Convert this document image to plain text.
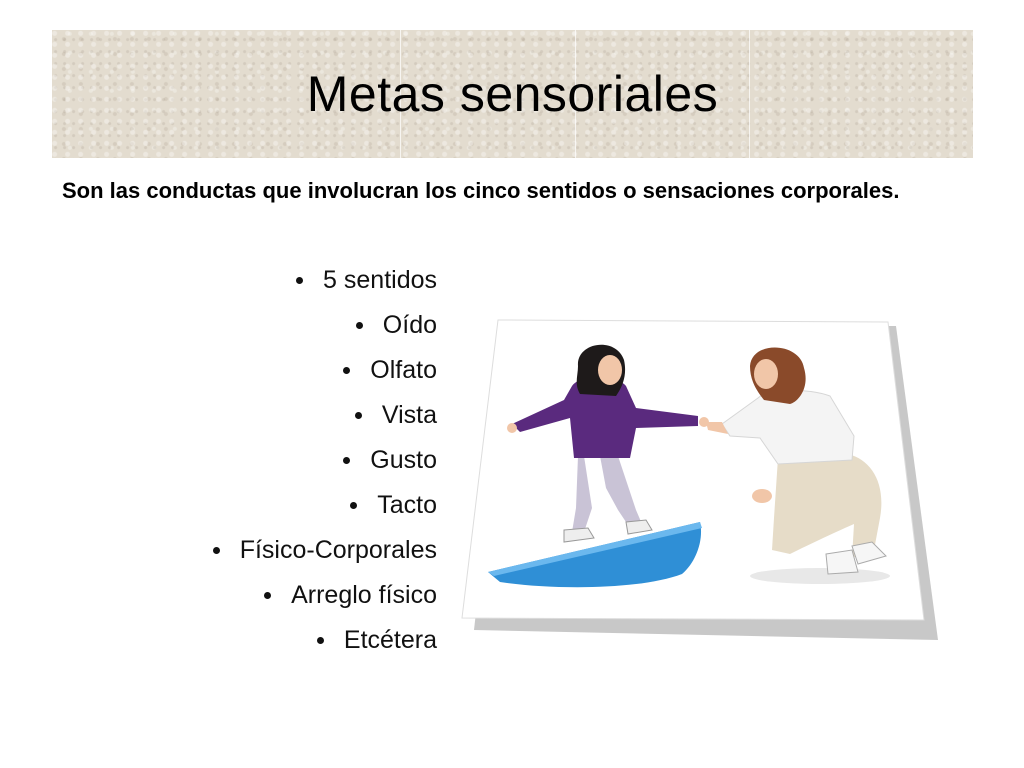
Metas sensoriales
Son las conductas que involucran los cinco sentidos o sensaciones corporales.
5 sentidos
Oído
Olfato
Vista
Gusto
Tacto
Físico-Corporales
Arreglo físico
Etcétera
